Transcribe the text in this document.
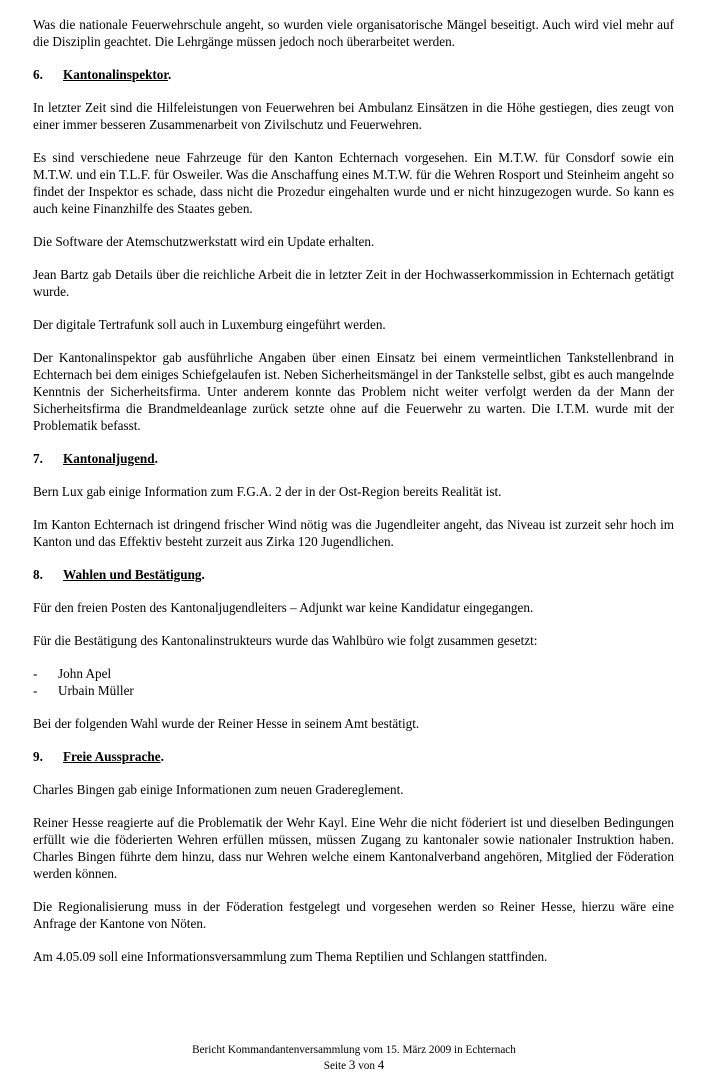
Was die nationale Feuerwehrschule angeht, so wurden viele organisatorische Mängel beseitigt. Auch wird viel mehr auf die Disziplin geachtet. Die Lehrgänge müssen jedoch noch überarbeitet werden.

6.	Kantonalinspektor.

In letzter Zeit sind die Hilfeleistungen von Feuerwehren bei Ambulanz Einsätzen in die Höhe gestiegen, dies zeugt von einer immer besseren Zusammenarbeit von Zivilschutz und Feuerwehren.

Es sind verschiedene neue Fahrzeuge für den Kanton Echternach vorgesehen. Ein M.T.W. für Consdorf sowie ein M.T.W. und ein T.L.F. für Osweiler. Was die Anschaffung eines M.T.W. für die Wehren Rosport und Steinheim angeht so findet der Inspektor es schade, dass nicht die Prozedur eingehalten wurde und er nicht hinzugezogen wurde. So kann es auch keine Finanzhilfe des Staates geben.

Die Software der Atemschutzwerkstatt wird ein Update erhalten.

Jean Bartz gab Details über die reichliche Arbeit die in letzter Zeit in der Hochwasserkommission in Echternach getätigt wurde.

Der digitale Tertrafunk soll auch in Luxemburg eingeführt werden.

Der Kantonalinspektor gab ausführliche Angaben über einen Einsatz bei einem vermeintlichen Tankstellenbrand in Echternach bei dem einiges Schiefgelaufen ist. Neben Sicherheitsmängel in der Tankstelle selbst, gibt es auch mangelnde Kenntnis der Sicherheitsfirma. Unter anderem konnte das Problem nicht weiter verfolgt werden da der Mann der Sicherheitsfirma die Brandmeldeanlage zurück setzte ohne auf die Feuerwehr zu warten. Die I.T.M. wurde mit der Problematik befasst.

7.	Kantonaljugend.

Bern Lux gab einige Information zum F.G.A. 2 der in der Ost-Region bereits Realität ist.

Im Kanton Echternach ist dringend frischer Wind nötig was die Jugendleiter angeht, das Niveau ist zurzeit sehr hoch im Kanton und das Effektiv besteht zurzeit aus Zirka 120 Jugendlichen.

8.	Wahlen und Bestätigung.

Für den freien Posten des Kantonaljugendleiters – Adjunkt war keine Kandidatur eingegangen.

Für die Bestätigung des Kantonalinstrukteurs wurde das Wahlbüro wie folgt zusammen gesetzt:

-	John Apel
-	Urbain Müller

Bei der folgenden Wahl wurde der Reiner Hesse in seinem Amt bestätigt.

9.	Freie Aussprache.

Charles Bingen gab einige Informationen zum neuen Gradereglement.

Reiner Hesse reagierte auf die Problematik der Wehr Kayl. Eine Wehr die nicht föderiert ist und dieselben Bedingungen erfüllt wie die föderierten Wehren erfüllen müssen, müssen Zugang zu kantonaler sowie nationaler Instruktion haben. Charles Bingen führte dem hinzu, dass nur Wehren welche einem Kantonalverband angehören, Mitglied der Föderation werden können.

Die Regionalisierung muss in der Föderation festgelegt und vorgesehen werden so Reiner Hesse, hierzu wäre eine Anfrage der Kantone von Nöten.

Am 4.05.09 soll eine Informationsversammlung zum Thema Reptilien und Schlangen stattfinden.

Bericht Kommandantenversammlung vom 15. März 2009 in Echternach
Seite 3 von 4
